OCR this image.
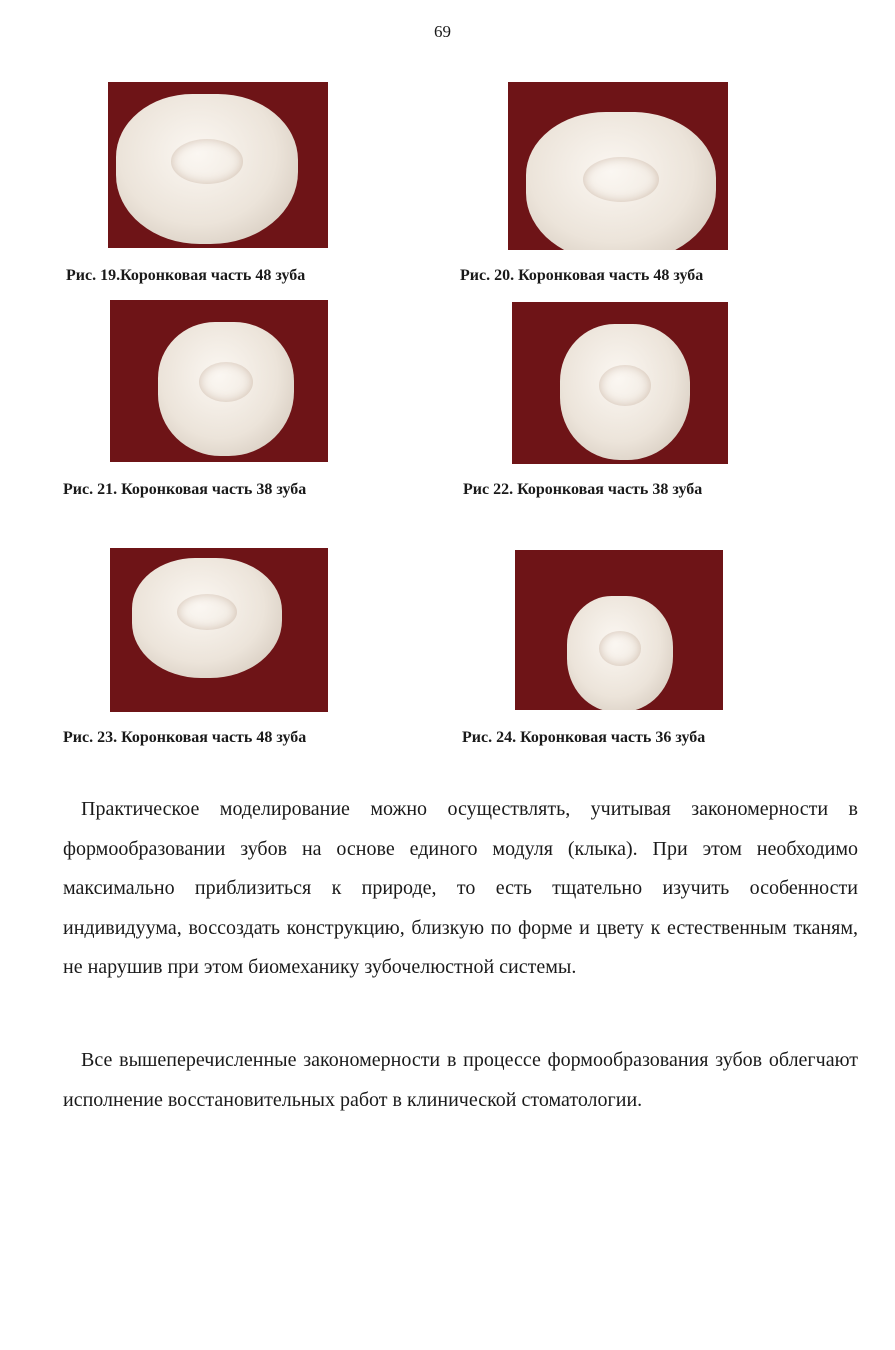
69
Рис. 19.Коронковая часть 48 зуба	Рис. 20. Коронковая часть 48 зуба
Рис. 21. Коронковая часть 38 зуба	Рис 22. Коронковая часть 38 зуба
Рис. 23. Коронковая часть 48 зуба	Рис. 24. Коронковая часть 36 зуба

Практическое моделирование можно осуществлять, учитывая закономерности в формообразовании зубов на основе единого модуля (клыка). При этом необходимо максимально приблизиться к природе, то есть тщательно изучить особенности индивидуума, воссоздать конструкцию, близкую по форме и цвету к естественным тканям, не нарушив при этом биомеханику зубочелюстной системы.

Все вышеперечисленные закономерности в процессе формообразования зубов облегчают исполнение восстановительных работ в клинической стоматологии.
